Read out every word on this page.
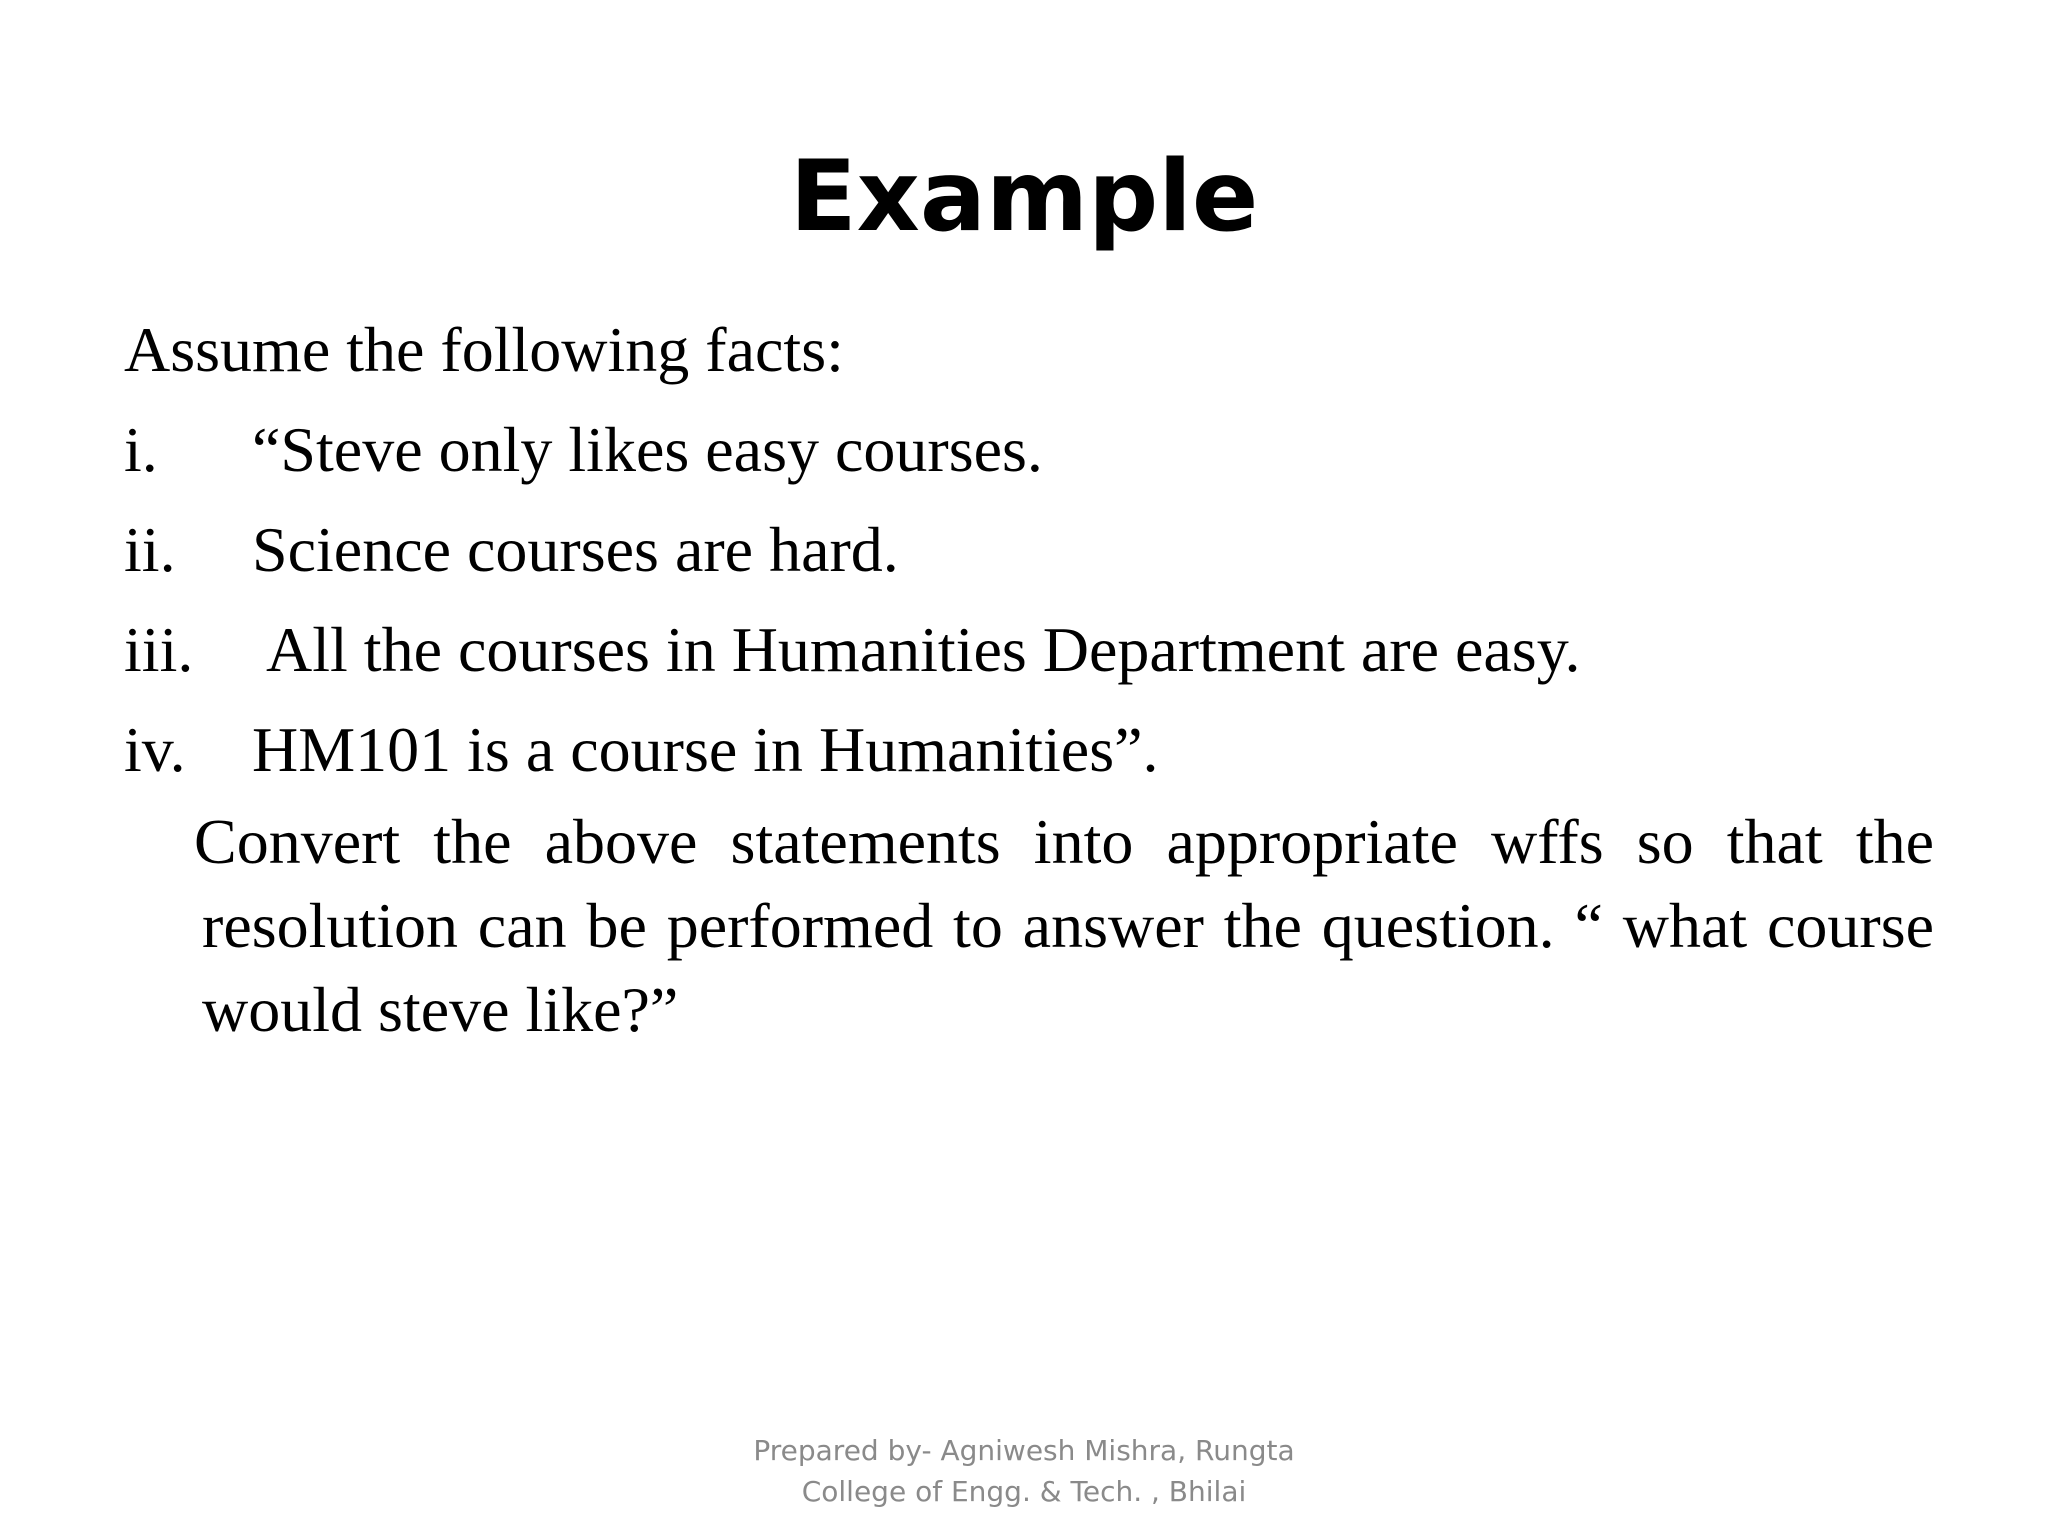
Example
Assume the following facts:
i.	“Steve only likes easy courses.
ii.	Science courses are hard.
iii.	All the courses in Humanities Department are easy.
iv.	HM101 is a course in Humanities”.
Convert the above statements into appropriate wffs so that the resolution can be performed to answer the question. “ what course would steve like?”
Prepared by- Agniwesh Mishra, Rungta
College of Engg. & Tech. , Bhilai
